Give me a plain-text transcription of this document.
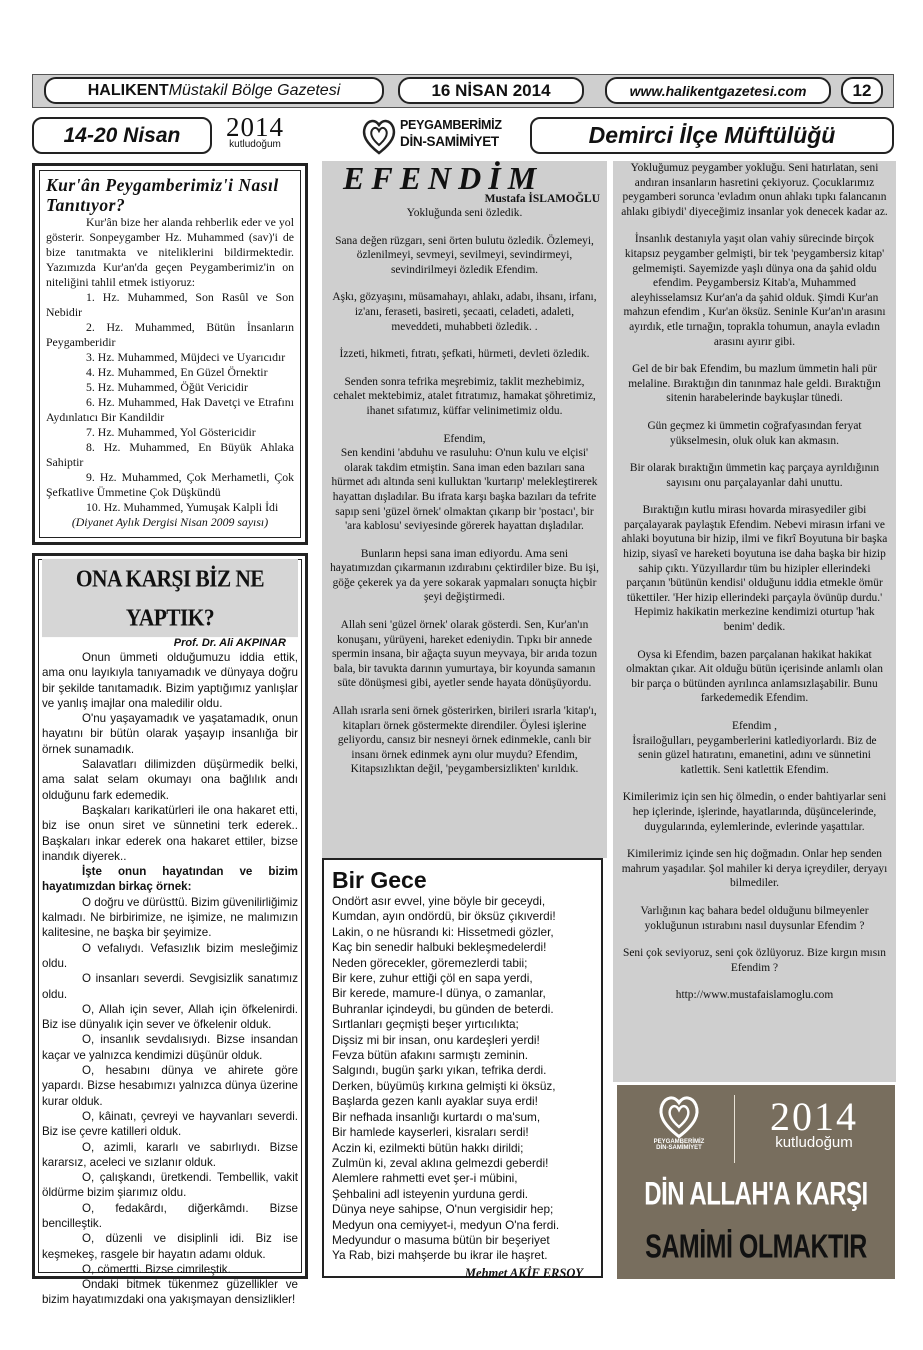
HALIKENT Müstakil Bölge Gazetesi	16 NİSAN 2014	www.halikentgazetesi.com	12
14-20 Nisan 2014
kutludoğum
PEYGAMBERİMİZ
DİN-SAMİMİYET	Demirci İlçe Müftülüğü
Kur'ân Peygamberimiz'i Nasıl Tanıtıyor?

Kur'ân bize her alanda rehberlik eder ve yol gösterir. Sonpeygamber Hz. Muhammed (sav)'i de bize tanıtmakta ve niteliklerini bildirmektedir. Yazımızda Kur'an'da geçen Peygamberimiz'in on niteliğini tahlil etmek istiyoruz:

1. Hz. Muhammed, Son Rasûl ve Son Nebidir

2. Hz. Muhammed, Bütün İnsanların Peygamberidir

3. Hz. Muhammed, Müjdeci ve Uyarıcıdır

4. Hz. Muhammed, En Güzel Örnektir

5. Hz. Muhammed, Öğüt Vericidir

6. Hz. Muhammed, Hak Davetçi ve Etrafını Aydınlatıcı Bir Kandildir

7. Hz. Muhammed, Yol Göstericidir

8. Hz. Muhammed, En Büyük Ahlaka Sahiptir

9. Hz. Muhammed, Çok Merhametli, Çok Şefkatlive Ümmetine Çok Düşkündü

10. Hz. Muhammed, Yumuşak Kalpli İdi

(Diyanet Aylık Dergisi Nisan 2009 sayısı)

ONA KARŞI BİZ NE YAPTIK?

Prof. Dr. Ali AKPINAR

Onun ümmeti olduğumuzu iddia ettik, ama onu layıkıyla tanıyamadık ve dünyaya doğru bir şekilde tanıtamadık. Bizim yaptığımız yanlışlar ve yanlış imajlar ona maledilir oldu.

O'nu yaşayamadık ve yaşatamadık, onun hayatını bir bütün olarak yaşayıp insanlığa bir örnek sunamadık.

Salavatları dilimizden düşürmedik belki, ama salat selam okumayı ona bağlılık andı olduğunu fark edemedik.

Başkaları karikatürleri ile ona hakaret etti, biz ise onun siret ve sünnetini terk ederek.. Başkaları inkar ederek ona hakaret ettiler, bizse inandık diyerek..

İşte onun hayatından ve bizim hayatımızdan birkaç örnek:

O doğru ve dürüsttü. Bizim güvenilirliğimiz kalmadı. Ne birbirimize, ne işimize, ne malımızın kalitesine, ne başka bir şeyimize.

O vefalıydı. Vefasızlık bizim mesleğimiz oldu.

O insanları severdi. Sevgisizlik sanatımız oldu.

O, Allah için sever, Allah için öfkelenirdi. Biz ise dünyalık için sever ve öfkelenir olduk.

O, insanlık sevdalısıydı. Bizse insandan kaçar ve yalnızca kendimizi düşünür olduk.

O, hesabını dünya ve ahirete göre yapardı. Bizse hesabımızı yalnızca dünya üzerine kurar olduk.

O, kâinatı, çevreyi ve hayvanları severdi. Biz ise çevre katilleri olduk.

O, azimli, kararlı ve sabırlıydı. Bizse kararsız, aceleci ve sızlanır olduk.

O, çalışkandı, üretkendi. Tembellik, vakit öldürme bizim şiarımız oldu.

O, fedakârdı, diğerkâmdı. Bizse bencilleştik.

O, düzenli ve disiplinli idi. Biz ise keşmekeş, rasgele bir hayatın adamı olduk.

O, cömertti. Bizse cimrileştik.

Ondaki bitmek tükenmez güzellikler ve bizim hayatımızdaki ona yakışmayan densizlikler!

EFENDİM

Mustafa İSLAMOĞLU

Yokluğunda seni özledik.

Sana değen rüzgarı, seni örten bulutu özledik. Özlemeyi, özlenilmeyi, sevmeyi, sevilmeyi, sevindirmeyi, sevindirilmeyi özledik Efendim.

Aşkı, gözyaşını, müsamahayı, ahlakı, adabı, ihsanı, irfanı, iz'anı, feraseti, basireti, şecaati, celadeti, adaleti, meveddeti, muhabbeti özledik. .

İzzeti, hikmeti, fıtratı, şefkati, hürmeti, devleti özledik.

Senden sonra tefrika meşrebimiz, taklit mezhebimiz, cehalet mektebimiz, atalet fıtratımız, hamakat şöhretimiz, ihanet sıfatımız, küffar velinimetimiz oldu.

Efendim,
Sen kendini 'abduhu ve rasuluhu: O'nun kulu ve elçisi' olarak takdim etmiştin. Sana iman eden bazıları sana hürmet adı altında seni kulluktan 'kurtarıp' melekleştirerek hayattan dışladılar. Bu ifrata karşı başka bazıları da tefrite sapıp seni 'güzel örnek' olmaktan çıkarıp bir 'postacı', bir 'ara kablosu' seviyesinde görerek hayattan dışladılar.

Bunların hepsi sana iman ediyordu. Ama seni hayatımızdan çıkarmanın ızdırabını çektirdiler bize. Bu işi, göğe çekerek ya da yere sokarak yapmaları sonuçta hiçbir şeyi değiştirmedi.

Allah seni 'güzel örnek' olarak gösterdi. Sen, Kur'an'ın konuşanı, yürüyeni, hareket edeniydin. Tıpkı bir annede spermin insana, bir ağaçta suyun meyvaya, bir arıda tozun bala, bir tavukta darının yumurtaya, bir koyunda samanın süte dönüşmesi gibi, ayetler sende hayata dönüşüyordu.

Allah ısrarla seni örnek gösterirken, birileri ısrarla 'kitap'ı, kitapları örnek göstermekte direndiler. Öylesi işlerine geliyordu, cansız bir nesneyi örnek edinmekle, canlı bir insanı örnek edinmek aynı olur muydu? Efendim,
Kitapsızlıktan değil, 'peygambersizlikten' kırıldık.

Yokluğumuz peygamber yokluğu. Seni hatırlatan, seni andıran insanların hasretini çekiyoruz. Çocuklarımız peygamberi sorunca 'evladım onun ahlakı tıpkı falancanın ahlakı gibiydi' diyeceğimiz insanlar yok denecek kadar az.

İnsanlık destanıyla yaşıt olan vahiy sürecinde birçok kitapsız peygamber gelmişti, bir tek 'peygambersiz kitap' gelmemişti. Sayemizde yaşlı dünya ona da şahid oldu efendim. Peygambersiz Kitab'a, Muhammed aleyhisselamsız Kur'an'a da şahid olduk. Şimdi Kur'an mahzun efendim , Kur'an öksüz. Seninle Kur'an'ın arasını ayırdık, etle tırnağın, toprakla tohumun, anayla evladın arasını ayırır gibi.

Gel de bir bak Efendim, bu mazlum ümmetin hali pür melaline. Bıraktığın din tanınmaz hale geldi. Bıraktığın sitenin harabelerinde baykuşlar tünedi.

Gün geçmez ki ümmetin coğrafyasından feryat yükselmesin, oluk oluk kan akmasın.

Bir olarak bıraktığın ümmetin kaç parçaya ayrıldığının sayısını onu parçalayanlar dahi unuttu.

Bıraktığın kutlu mirası hovarda mirasyediler gibi parçalayarak paylaştık Efendim. Nebevi mirasın irfani ve ahlaki boyutuna bir hizip, ilmi ve fikrî Boyutuna bir başka hizip, siyasî ve hareketi boyutuna ise daha başka bir hizip sahip çıktı. Yüzyıllardır tüm bu hizipler ellerindeki parçanın 'bütünün kendisi' olduğunu iddia etmekle ömür tükettiler. 'Her hizip ellerindeki parçayla övünüp durdu.' Hepimiz hakikatin merkezine kendimizi oturtup 'hak benim' dedik.

Oysa ki Efendim, bazen parçalanan hakikat hakikat olmaktan çıkar. Ait olduğu bütün içerisinde anlamlı olan bir parça o bütünden ayrılınca anlamsızlaşabilir. Bunu farkedemedik Efendim.

Efendim ,
İsrailoğulları, peygamberlerini katlediyorlardı. Biz de senin güzel hatıratını, emanetini, adını ve sünnetini katlettik. Seni katlettik Efendim.

Kimilerimiz için sen hiç ölmedin, o ender bahtiyarlar seni hep içlerinde, işlerinde, hayatlarında, düşüncelerinde, duygularında, eylemlerinde, evlerinde yaşattılar.

Kimilerimiz içinde sen hiç doğmadın. Onlar hep senden mahrum yaşadılar. Şol mahiler ki derya içreydiler, deryayı bilmediler.

Varlığının kaç bahara bedel olduğunu bilmeyenler yokluğunun ıstırabını nasıl duysunlar Efendim ?

Seni çok seviyoruz, seni çok özlüyoruz. Bize kırgın mısın Efendim ?

http://www.mustafaislamoglu.com

Bir Gece

Ondört asır evvel, yine böyle bir geceydi,

Kumdan, ayın ondördü, bir öksüz çıkıverdi!

Lakin, o ne hüsrandı ki: Hissetmedi gözler,

Kaç bin senedir halbuki bekleşmedelerdi!

Neden görecekler, göremezlerdi tabii;

Bir kere, zuhur ettiği çöl en sapa yerdi,

Bir kerede, mamure-I dünya, o zamanlar,

Buhranlar içindeydi, bu günden de beterdi.

Sırtlanları geçmişti beşer yırtıcılıkta;

Dişsiz mi bir insan, onu kardeşleri yerdi!

Fevza bütün afakını sarmıştı zeminin.

Salgındı, bugün şarkı yıkan, tefrika derdi.

Derken, büyümüş kırkına gelmişti ki öksüz,

Başlarda gezen kanlı ayaklar suya erdi!

Bir nefhada insanlığı kurtardı o ma'sum,

Bir hamlede kayserleri, kisraları serdi!

Aczin ki, ezilmekti bütün hakkı dirildi;

Zulmün ki, zeval aklına gelmezdi geberdi!

Alemlere rahmetti evet şer-i mübini,

Şehbalini adl isteyenin yurduna gerdi.

Dünya neye sahipse, O'nun vergisidir hep;

Medyun ona cemiyyet-i, medyun O'na ferdi.

Medyundur o masuma bütün bir beşeriyet

Ya Rab, bizi mahşerde bu ikrar ile haşret.

Mehmet AKİF ERSOY

PEYGAMBERİMİZ
DİN-SAMİMİYET
2014
kutludoğum
DİN ALLAH'A KARŞI
SAMİMİ OLMAKTIR
